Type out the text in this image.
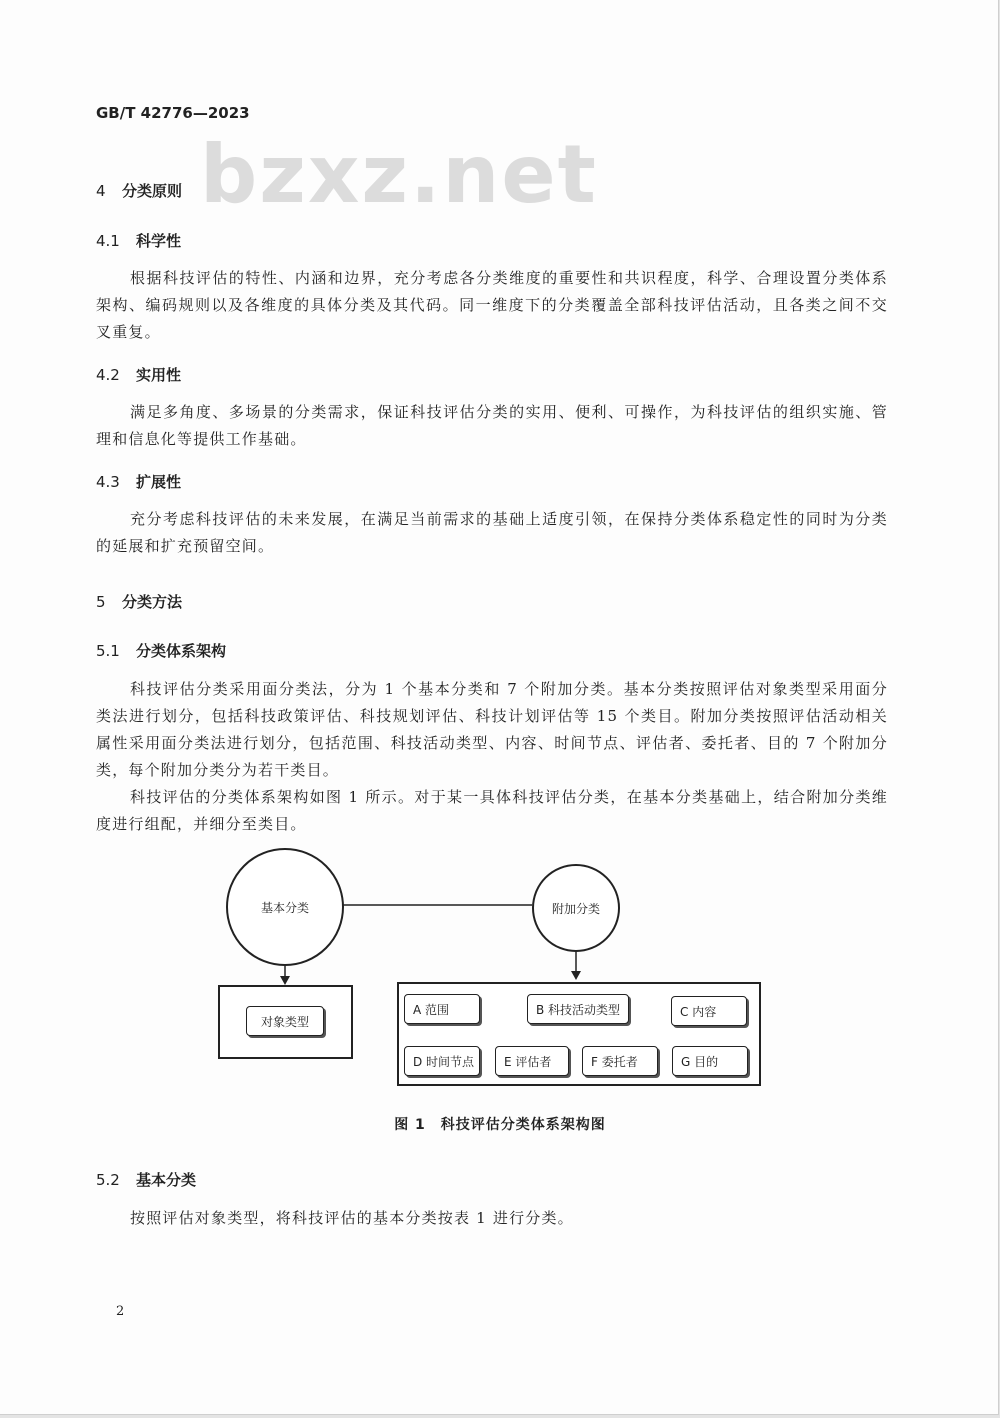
GB/T 42776—2023
bzxz.net
4 分类原则
4.1 科学性
根据科技评估的特性、内涵和边界，充分考虑各分类维度的重要性和共识程度，科学、合理设置分类体系架构、编码规则以及各维度的具体分类及其代码。同一维度下的分类覆盖全部科技评估活动，且各类之间不交叉重复。
4.2 实用性
满足多角度、多场景的分类需求，保证科技评估分类的实用、便利、可操作，为科技评估的组织实施、管理和信息化等提供工作基础。
4.3 扩展性
充分考虑科技评估的未来发展，在满足当前需求的基础上适度引领，在保持分类体系稳定性的同时为分类的延展和扩充预留空间。
5 分类方法
5.1 分类体系架构
科技评估分类采用面分类法，分为 1 个基本分类和 7 个附加分类。基本分类按照评估对象类型采用面分类法进行划分，包括科技政策评估、科技规划评估、科技计划评估等 15 个类目。附加分类按照评估活动相关属性采用面分类法进行划分，包括范围、科技活动类型、内容、时间节点、评估者、委托者、目的 7 个附加分类，每个附加分类分为若干类目。
科技评估的分类体系架构如图 1 所示。对于某一具体科技评估分类，在基本分类基础上，结合附加分类维度进行组配，并细分至类目。
基本分类	附加分类
对象类型
A 范围	B 科技活动类型	C 内容
D 时间节点 E 评估者	F 委托者	G 目的
图 1　科技评估分类体系架构图
5.2 基本分类
按照评估对象类型，将科技评估的基本分类按表 1 进行分类。
2
